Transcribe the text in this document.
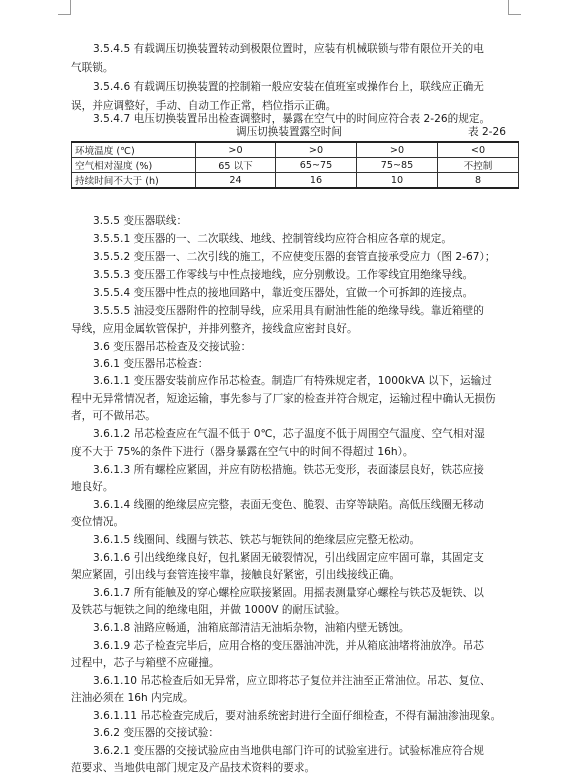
3.5.4.5 有载调压切换装置转动到极限位置时，应装有机械联锁与带有限位开关的电
气联锁。
3.5.4.6 有载调压切换装置的控制箱一般应安装在值班室或操作台上，联线应正确无
误，并应调整好，手动、自动工作正常，档位指示正确。
3.5.4.7 电压切换装置吊出检查调整时，暴露在空气中的时间应符合表 2-26的规定。
调压切换装置露空时间	表 2-26
环境温度 (℃)	>0	>0	>0	<0
空气相对湿度 (%)	65 以下	65~75	75~85	不控制
持续时间不大于 (h)	24	16	10	8
3.5.5 变压器联线：
3.5.5.1 变压器的一、二次联线、地线、控制管线均应符合相应各章的规定。
3.5.5.2 变压器一、二次引线的施工，不应使变压器的套管直接承受应力（图 2-67）；
3.5.5.3 变压器工作零线与中性点接地线，应分别敷设。工作零线宜用绝缘导线。
3.5.5.4 变压器中性点的接地回路中，靠近变压器处，宜做一个可拆卸的连接点。
3.5.5.5 油浸变压器附件的控制导线，应采用具有耐油性能的绝缘导线。靠近箱壁的
导线，应用金属软管保护，并排列整齐，接线盒应密封良好。
3.6 变压器吊芯检查及交接试验：
3.6.1 变压器吊芯检查：
3.6.1.1 变压器安装前应作吊芯检查。制造厂有特殊规定者，1000kVA 以下，运输过
程中无异常情况者，短途运输，事先参与了厂家的检查并符合规定，运输过程中确认无损伤
者，可不做吊芯。
3.6.1.2 吊芯检查应在气温不低于 0℃，芯子温度不低于周围空气温度、空气相对湿
度不大于 75%的条件下进行（器身暴露在空气中的时间不得超过 16h）。
3.6.1.3 所有螺栓应紧固，并应有防松措施。铁芯无变形，表面漆层良好，铁芯应接
地良好。
3.6.1.4 线圈的绝缘层应完整，表面无变色、脆裂、击穿等缺陷。高低压线圈无移动
变位情况。
3.6.1.5 线圈间、线圈与铁芯、铁芯与轭铁间的绝缘层应完整无松动。
3.6.1.6 引出线绝缘良好，包扎紧固无破裂情况，引出线固定应牢固可靠，其固定支
架应紧固，引出线与套管连接牢靠，接触良好紧密，引出线接线正确。
3.6.1.7 所有能触及的穿心螺栓应联接紧固。用摇表测量穿心螺栓与铁芯及轭铁、以
及铁芯与轭铁之间的绝缘电阻，并做 1000V 的耐压试验。
3.6.1.8 油路应畅通，油箱底部清洁无油垢杂物，油箱内壁无锈蚀。
3.6.1.9 芯子检查完毕后，应用合格的变压器油冲洗，并从箱底油堵将油放净。吊芯
过程中，芯子与箱壁不应碰撞。
3.6.1.10 吊芯检查后如无异常，应立即将芯子复位并注油至正常油位。吊芯、复位、
注油必须在 16h 内完成。
3.6.1.11 吊芯检查完成后，要对油系统密封进行全面仔细检查，不得有漏油渗油现象。
3.6.2 变压器的交接试验：
3.6.2.1 变压器的交接试验应由当地供电部门许可的试验室进行。试验标准应符合规
范要求、当地供电部门规定及产品技术资料的要求。
